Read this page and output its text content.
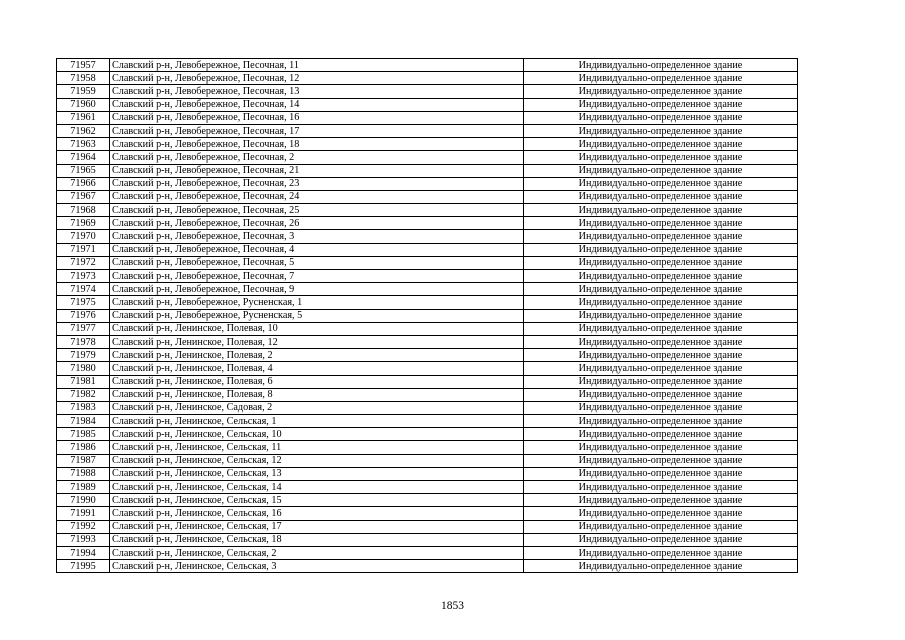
71957	Славский р-н, Левобережное, Песочная, 11	Индивидуально-определенное здание
71958	Славский р-н, Левобережное, Песочная, 12	Индивидуально-определенное здание
71959	Славский р-н, Левобережное, Песочная, 13	Индивидуально-определенное здание
71960	Славский р-н, Левобережное, Песочная, 14	Индивидуально-определенное здание
71961	Славский р-н, Левобережное, Песочная, 16	Индивидуально-определенное здание
71962	Славский р-н, Левобережное, Песочная, 17	Индивидуально-определенное здание
71963	Славский р-н, Левобережное, Песочная, 18	Индивидуально-определенное здание
71964	Славский р-н, Левобережное, Песочная, 2	Индивидуально-определенное здание
71965	Славский р-н, Левобережное, Песочная, 21	Индивидуально-определенное здание
71966	Славский р-н, Левобережное, Песочная, 23	Индивидуально-определенное здание
71967	Славский р-н, Левобережное, Песочная, 24	Индивидуально-определенное здание
71968	Славский р-н, Левобережное, Песочная, 25	Индивидуально-определенное здание
71969	Славский р-н, Левобережное, Песочная, 26	Индивидуально-определенное здание
71970	Славский р-н, Левобережное, Песочная, 3	Индивидуально-определенное здание
71971	Славский р-н, Левобережное, Песочная, 4	Индивидуально-определенное здание
71972	Славский р-н, Левобережное, Песочная, 5	Индивидуально-определенное здание
71973	Славский р-н, Левобережное, Песочная, 7	Индивидуально-определенное здание
71974	Славский р-н, Левобережное, Песочная, 9	Индивидуально-определенное здание
71975	Славский р-н, Левобережное, Русненская, 1	Индивидуально-определенное здание
71976	Славский р-н, Левобережное, Русненская, 5	Индивидуально-определенное здание
71977	Славский р-н, Ленинское, Полевая, 10	Индивидуально-определенное здание
71978	Славский р-н, Ленинское, Полевая, 12	Индивидуально-определенное здание
71979	Славский р-н, Ленинское, Полевая, 2	Индивидуально-определенное здание
71980	Славский р-н, Ленинское, Полевая, 4	Индивидуально-определенное здание
71981	Славский р-н, Ленинское, Полевая, 6	Индивидуально-определенное здание
71982	Славский р-н, Ленинское, Полевая, 8	Индивидуально-определенное здание
71983	Славский р-н, Ленинское, Садовая, 2	Индивидуально-определенное здание
71984	Славский р-н, Ленинское, Сельская, 1	Индивидуально-определенное здание
71985	Славский р-н, Ленинское, Сельская, 10	Индивидуально-определенное здание
71986	Славский р-н, Ленинское, Сельская, 11	Индивидуально-определенное здание
71987	Славский р-н, Ленинское, Сельская, 12	Индивидуально-определенное здание
71988	Славский р-н, Ленинское, Сельская, 13	Индивидуально-определенное здание
71989	Славский р-н, Ленинское, Сельская, 14	Индивидуально-определенное здание
71990	Славский р-н, Ленинское, Сельская, 15	Индивидуально-определенное здание
71991	Славский р-н, Ленинское, Сельская, 16	Индивидуально-определенное здание
71992	Славский р-н, Ленинское, Сельская, 17	Индивидуально-определенное здание
71993	Славский р-н, Ленинское, Сельская, 18	Индивидуально-определенное здание
71994	Славский р-н, Ленинское, Сельская, 2	Индивидуально-определенное здание
71995	Славский р-н, Ленинское, Сельская, 3	Индивидуально-определенное здание
1853
